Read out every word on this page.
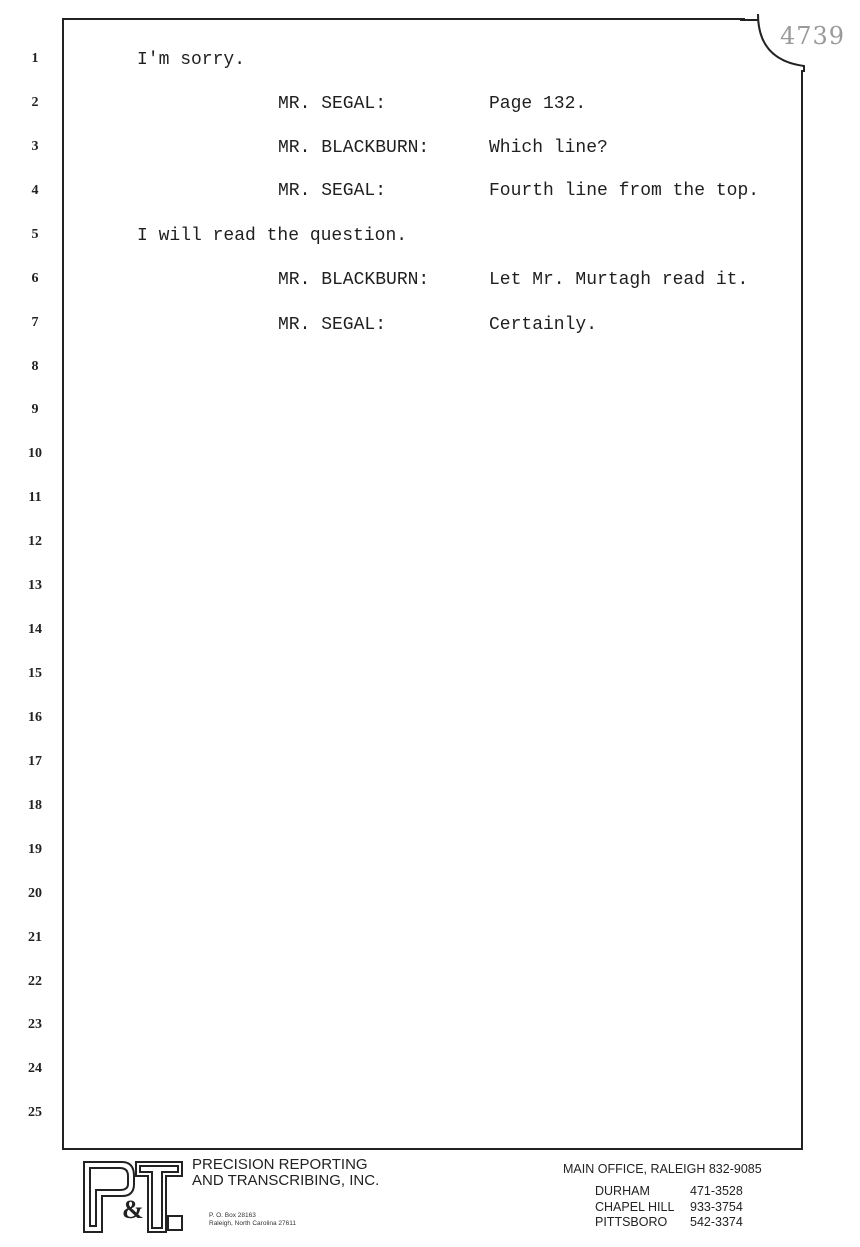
4739
1
2
3
4
5
6
7
8
9
10
11
12
13
14
15
16
17
18
19
20
21
22
23
24
25
I'm sorry.
MR. SEGAL:	Page 132.
MR. BLACKBURN:	Which line?
MR. SEGAL:	Fourth line from the top.
I will read the question.
MR. BLACKBURN:	Let Mr. Murtagh read it.
MR. SEGAL:	Certainly.
&
PRECISION REPORTING
AND TRANSCRIBING, INC.
P. O. Box 28163
Raleigh, North Carolina 27611
MAIN OFFICE, RALEIGH 832-9085
DURHAM	471-3528
CHAPEL HILL 933-3754
PITTSBORO 542-3374
